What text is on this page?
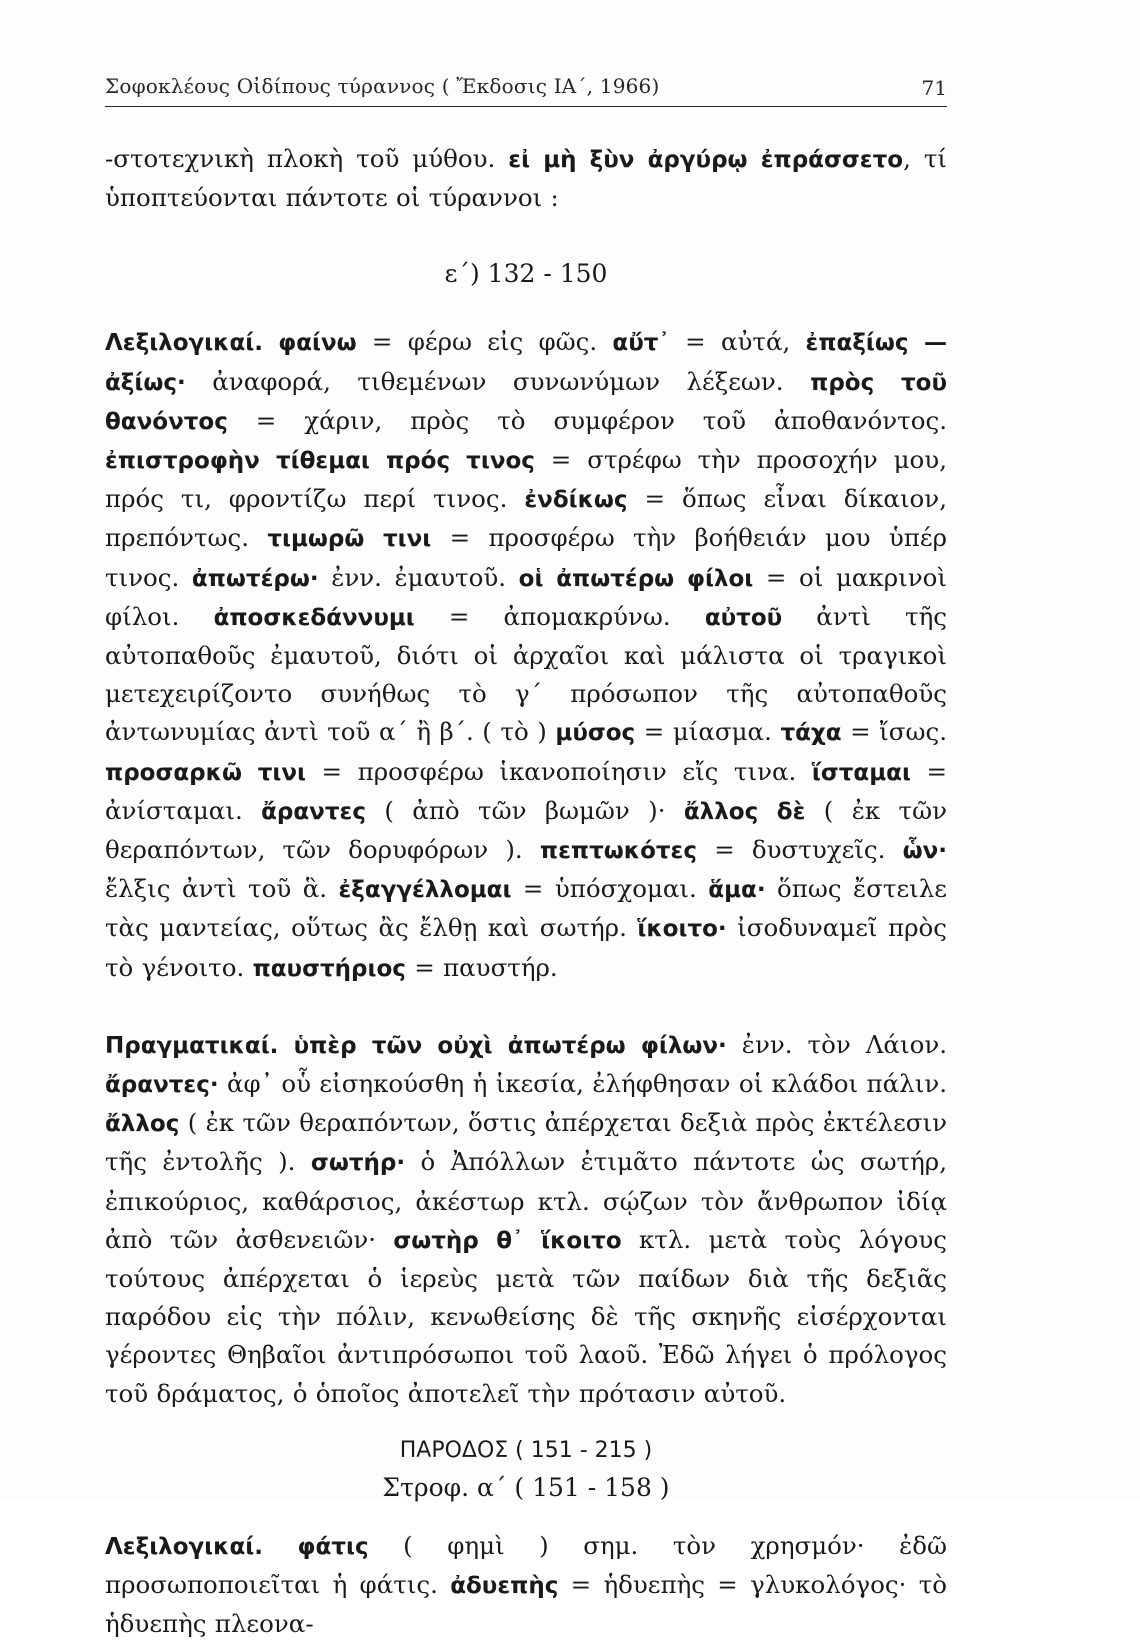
Σοφοκλέους Οἰδίπους τύραννος ( Ἔκδοσις ΙΑ΄, 1966)	71

-στοτεχνικὴ πλοκὴ τοῦ μύθου. εἰ μὴ ξὺν ἀργύρῳ ἐπράσσετο, τί ὑποπτεύονται πάντοτε οἱ τύραννοι :

ε΄) 132 - 150

Λεξιλογικαί. φαίνω = φέρω εἰς φῶς. αὔτ᾽ = αὐτά, ἐπαξίως — ἀξίως· ἀναφορά, τιθεμένων συνωνύμων λέξεων. πρὸς τοῦ θανόντος = χάριν, πρὸς τὸ συμφέρον τοῦ ἀποθανόντος. ἐπιστροφὴν τίθεμαι πρός τινος = στρέφω τὴν προσοχήν μου, πρός τι, φροντίζω περί τινος. ἐνδίκως = ὅπως εἶναι δίκαιον, πρεπόντως. τιμωρῶ τινι = προσφέρω τὴν βοήθειάν μου ὑπέρ τινος. ἀπωτέρω· ἐνν. ἐμαυτοῦ. οἱ ἀπωτέρω φίλοι = οἱ μακρινοὶ φίλοι. ἀποσκεδάννυμι = ἀπομακρύνω. αὐτοῦ ἀντὶ τῆς αὐτοπαθοῦς ἐμαυτοῦ, διότι οἱ ἀρχαῖοι καὶ μάλιστα οἱ τραγικοὶ μετεχειρίζοντο συνήθως τὸ γ΄ πρόσωπον τῆς αὐτοπαθοῦς ἀντωνυμίας ἀντὶ τοῦ α΄ ἢ β΄. ( τὸ ) μύσος = μίασμα. τάχα = ἴσως. προσαρκῶ τινι = προσφέρω ἱκανοποίησιν εἴς τινα. ἵσταμαι = ἀνίσταμαι. ἄραντες ( ἀπὸ τῶν βωμῶν )· ἄλλος δὲ ( ἐκ τῶν θεραπόντων, τῶν δορυφόρων ). πεπτωκότες = δυστυχεῖς. ὧν· ἔλξις ἀντὶ τοῦ ἃ. ἐξαγγέλλομαι = ὑπόσχομαι. ἅμα· ὅπως ἔστειλε τὰς μαντείας, οὕτως ἂς ἔλθῃ καὶ σωτήρ. ἵκοιτο· ἰσοδυναμεῖ πρὸς τὸ γένοιτο. παυστήριος = παυστήρ.

Πραγματικαί. ὑπὲρ τῶν οὐχὶ ἀπωτέρω φίλων· ἐνν. τὸν Λάιον. ἄραντες· ἀφ᾽ οὗ εἰσηκούσθη ἡ ἱκεσία, ἐλήφθησαν οἱ κλάδοι πάλιν. ἄλλος ( ἐκ τῶν θεραπόντων, ὅστις ἀπέρχεται δεξιὰ πρὸς ἐκτέλεσιν τῆς ἐντολῆς ). σωτήρ· ὁ Ἀπόλλων ἐτιμᾶτο πάντοτε ὡς σωτήρ, ἐπικούριος, καθάρσιος, ἀκέστωρ κτλ. σῴζων τὸν ἄνθρωπον ἰδίᾳ ἀπὸ τῶν ἀσθενειῶν· σωτὴρ θ᾽ ἵκοιτο κτλ. μετὰ τοὺς λόγους τούτους ἀπέρχεται ὁ ἱερεὺς μετὰ τῶν παίδων διὰ τῆς δεξιᾶς παρόδου εἰς τὴν πόλιν, κενωθείσης δὲ τῆς σκηνῆς εἰσέρχονται γέροντες Θηβαῖοι ἀντιπρόσωποι τοῦ λαοῦ. Ἐδῶ λήγει ὁ πρόλογος τοῦ δράματος, ὁ ὁποῖος ἀποτελεῖ τὴν πρότασιν αὐτοῦ.

ΠΑΡΟΔΟΣ ( 151 - 215 )
Στροφ. α΄ ( 151 - 158 )

Λεξιλογικαί. φάτις ( φημὶ ) σημ. τὸν χρησμόν· ἐδῶ προσωποποιεῖται ἡ φάτις. ἀδυεπὴς = ἡδυεπὴς = γλυκολόγος· τὸ ἡδυεπὴς πλεονα-
